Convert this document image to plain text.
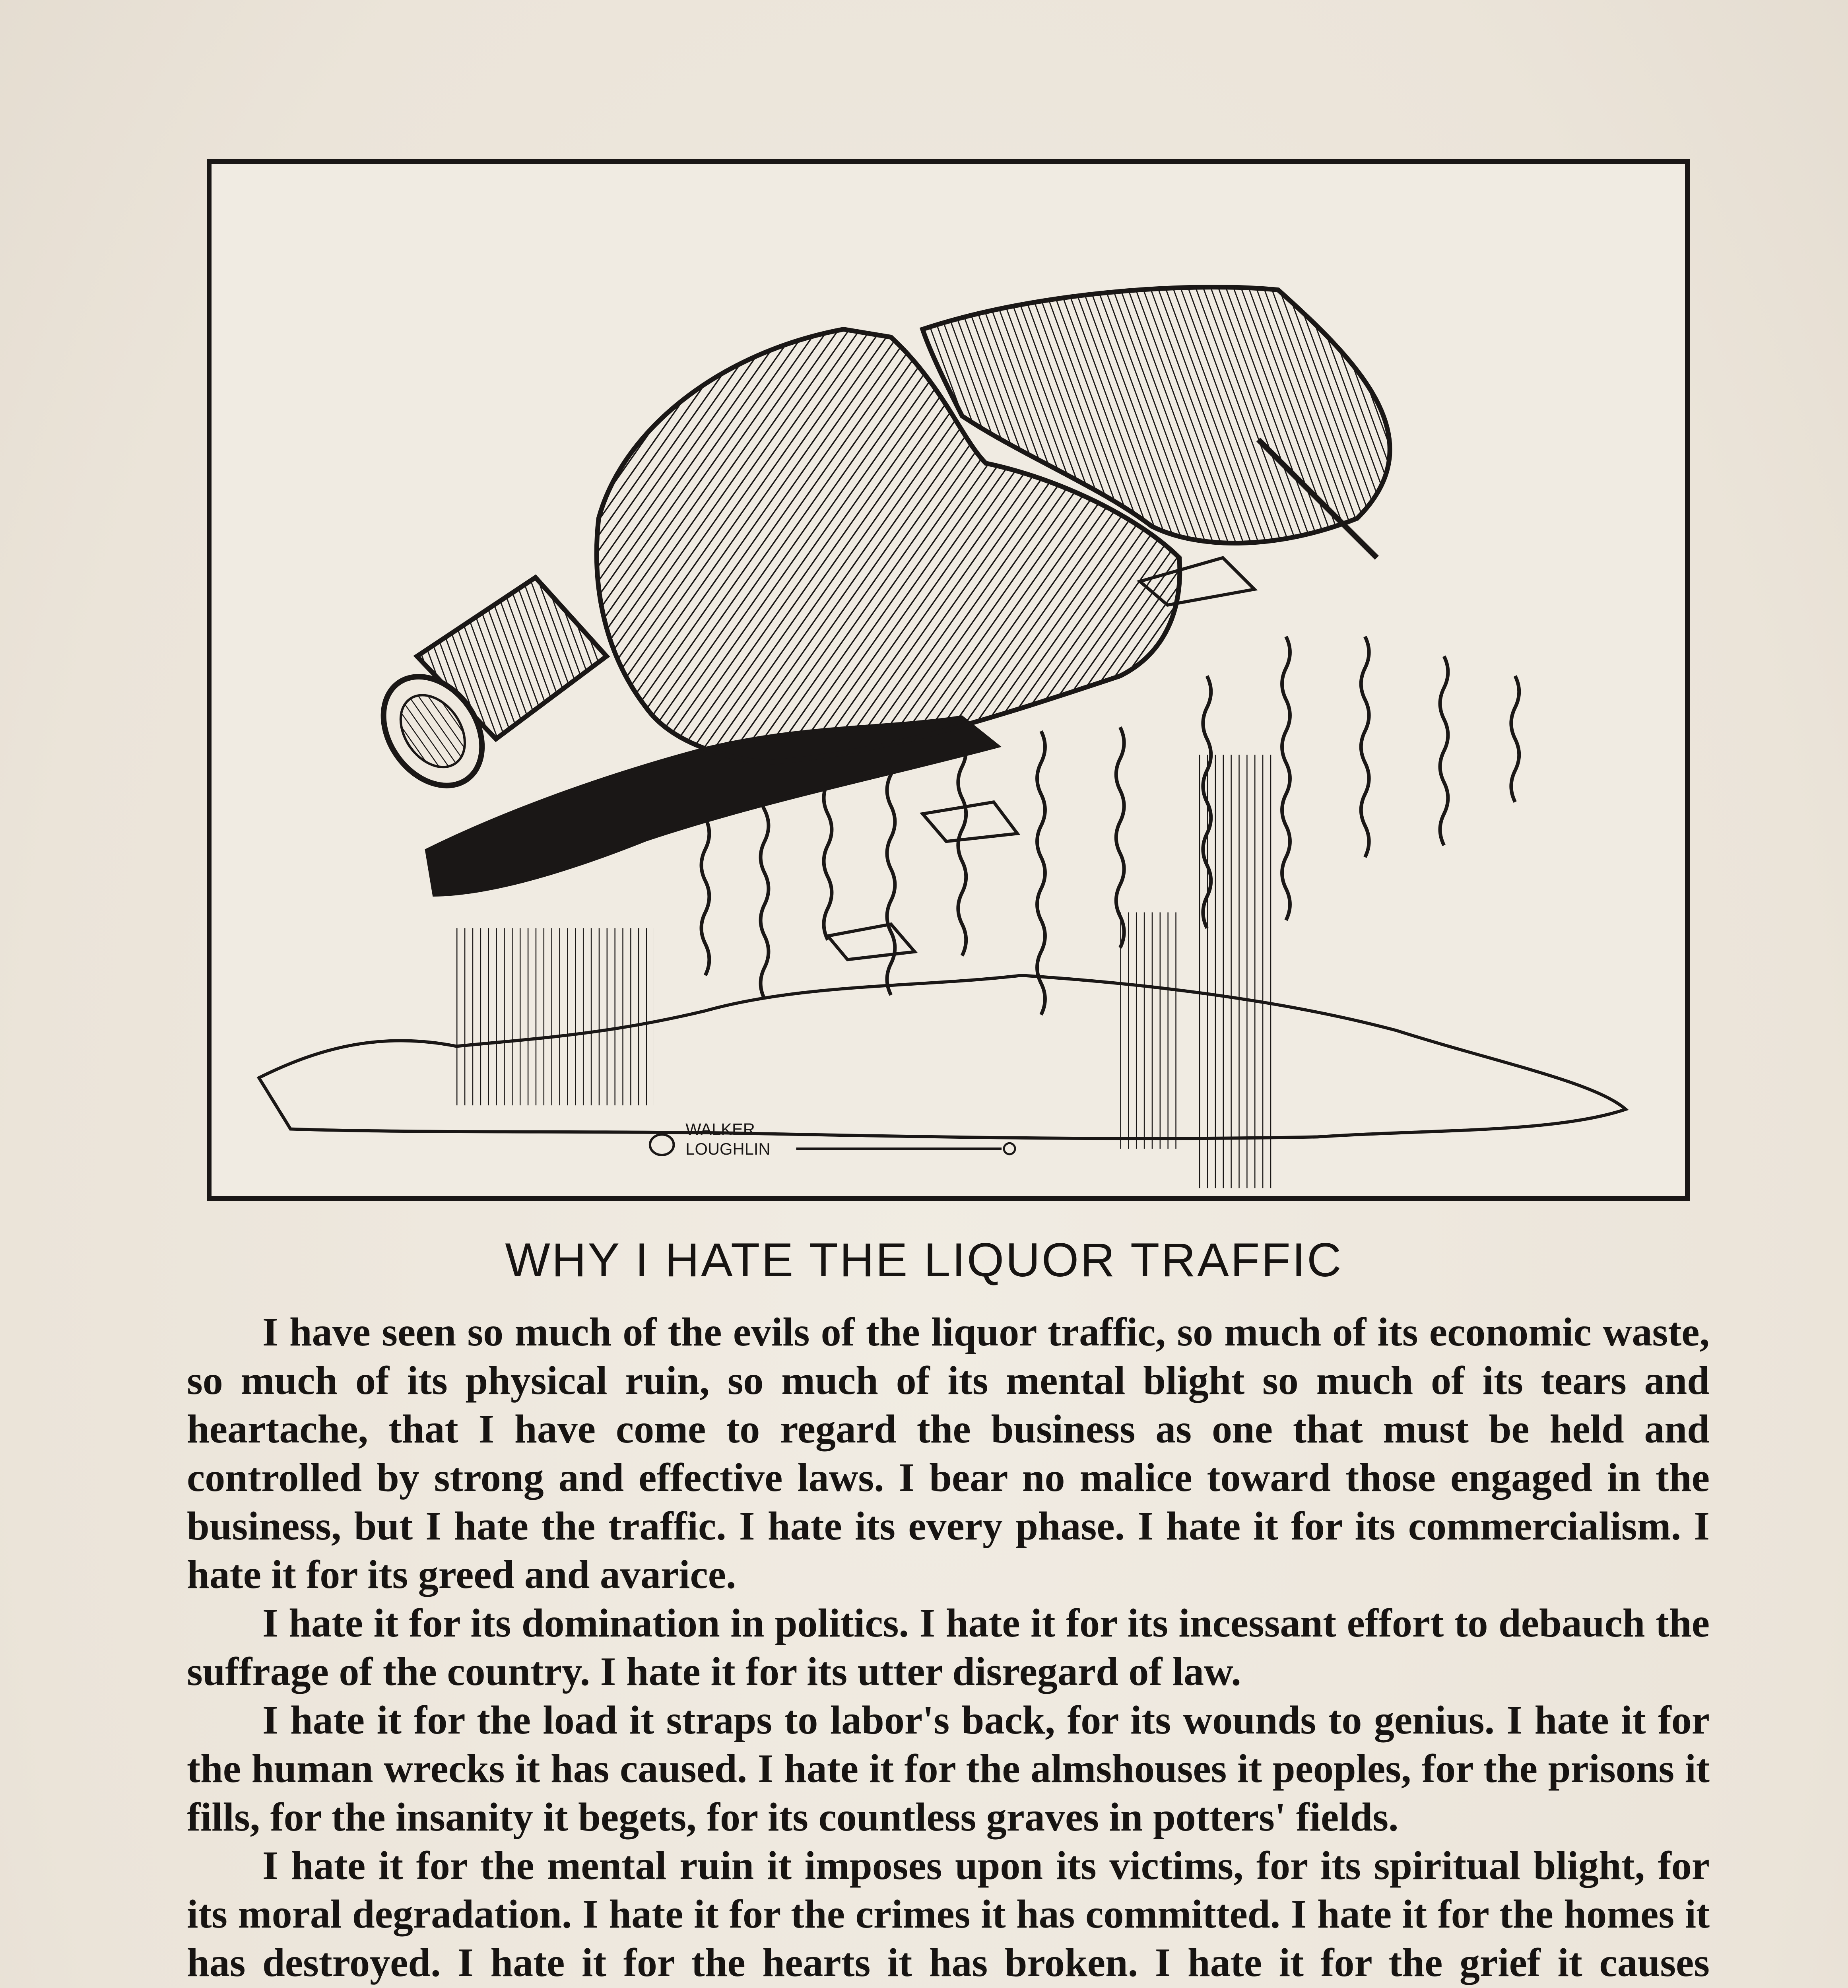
WALKER
LOUGHLIN
WHY I HATE THE LIQUOR TRAFFIC

I have seen so much of the evils of the liquor traffic, so much of its economic waste, so much of its physical ruin, so much of its mental blight so much of its tears and heartache, that I have come to regard the business as one that must be held and controlled by strong and effective laws. I bear no malice toward those engaged in the business, but I hate the traffic. I hate its every phase. I hate it for its commercialism. I hate it for its greed and avarice.

I hate it for its domination in politics. I hate it for its incessant effort to debauch the suffrage of the country. I hate it for its utter disregard of law.

I hate it for the load it straps to labor's back, for its wounds to genius. I hate it for the human wrecks it has caused. I hate it for the almshouses it peoples, for the prisons it fills, for the insanity it begets, for its countless graves in potters' fields.

I hate it for the mental ruin it imposes upon its victims, for its spiritual blight, for its moral degradation. I hate it for the crimes it has committed. I hate it for the homes it has destroyed. I hate it for the hearts it has broken. I hate it for the grief it causes
